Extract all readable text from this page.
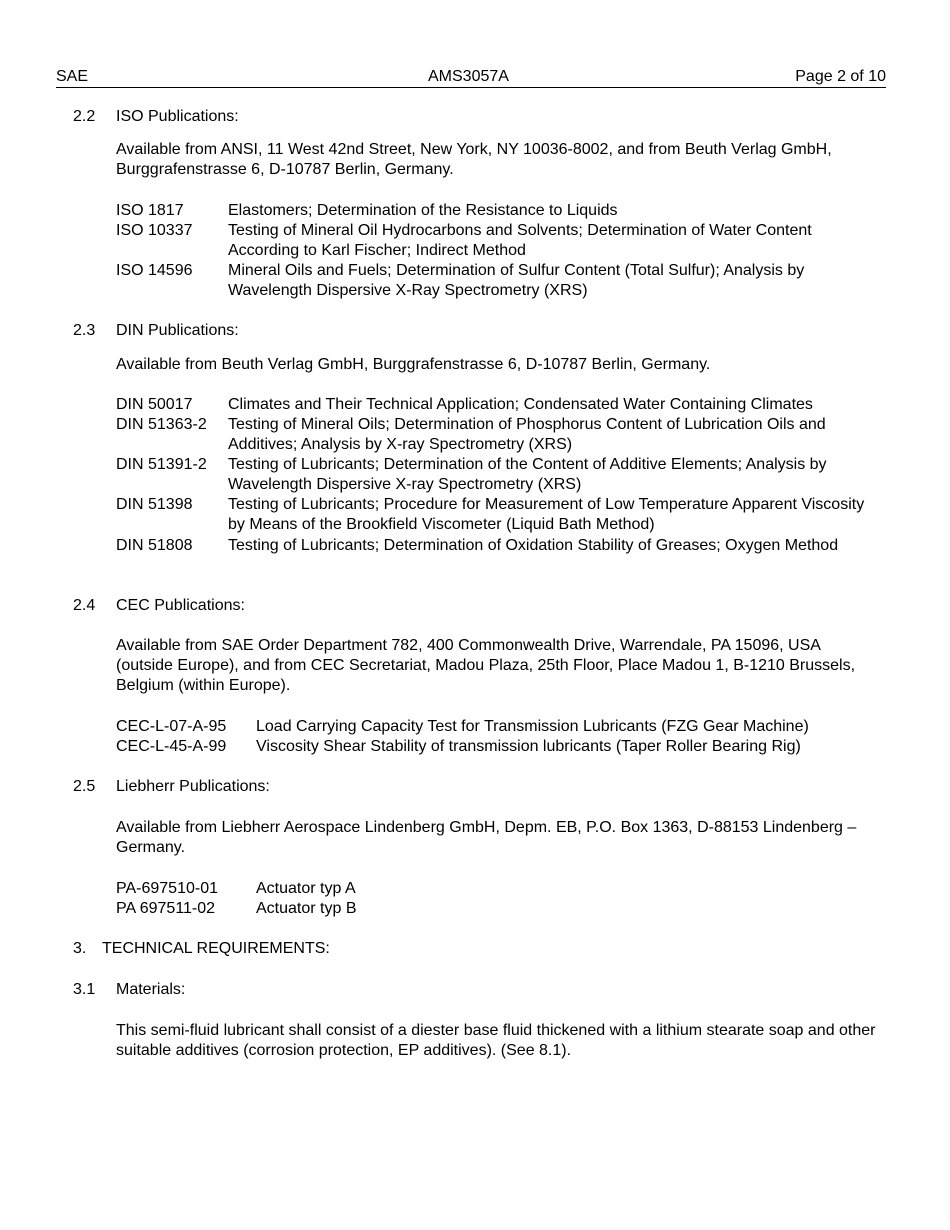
SAE	AMS3057A	Page 2 of 10
2.2 ISO Publications:
Available from ANSI, 11 West 42nd Street, New York, NY 10036-8002, and from Beuth Verlag GmbH, Burggrafenstrasse 6, D-10787 Berlin, Germany.
ISO 1817	Elastomers; Determination of the Resistance to Liquids
ISO 10337 Testing of Mineral Oil Hydrocarbons and Solvents; Determination of Water Content According to Karl Fischer; Indirect Method
ISO 14596 Mineral Oils and Fuels; Determination of Sulfur Content (Total Sulfur); Analysis by Wavelength Dispersive X-Ray Spectrometry (XRS)
2.3 DIN Publications:
Available from Beuth Verlag GmbH, Burggrafenstrasse 6, D-10787 Berlin, Germany.
DIN 50017 Climates and Their Technical Application; Condensated Water Containing Climates
DIN 51363-2 Testing of Mineral Oils; Determination of Phosphorus Content of Lubrication Oils and Additives; Analysis by X-ray Spectrometry (XRS)
DIN 51391-2 Testing of Lubricants; Determination of the Content of Additive Elements; Analysis by Wavelength Dispersive X-ray Spectrometry (XRS)
DIN 51398 Testing of Lubricants; Procedure for Measurement of Low Temperature Apparent Viscosity by Means of the Brookfield Viscometer (Liquid Bath Method)
DIN 51808 Testing of Lubricants; Determination of Oxidation Stability of Greases; Oxygen Method
2.4 CEC Publications:
Available from SAE Order Department 782, 400 Commonwealth Drive, Warrendale, PA 15096, USA (outside Europe), and from CEC Secretariat, Madou Plaza, 25th Floor, Place Madou 1, B-1210 Brussels, Belgium (within Europe).
CEC-L-07-A-95 Load Carrying Capacity Test for Transmission Lubricants (FZG Gear Machine)
CEC-L-45-A-99 Viscosity Shear Stability of transmission lubricants (Taper Roller Bearing Rig)
2.5 Liebherr Publications:
Available from Liebherr Aerospace Lindenberg GmbH, Depm. EB, P.O. Box 1363, D-88153 Lindenberg – Germany.
PA-697510-01 Actuator typ A
PA 697511-02	Actuator typ B
3. TECHNICAL REQUIREMENTS:
3.1 Materials:
This semi-fluid lubricant shall consist of a diester base fluid thickened with a lithium stearate soap and other suitable additives (corrosion protection, EP additives). (See 8.1).
